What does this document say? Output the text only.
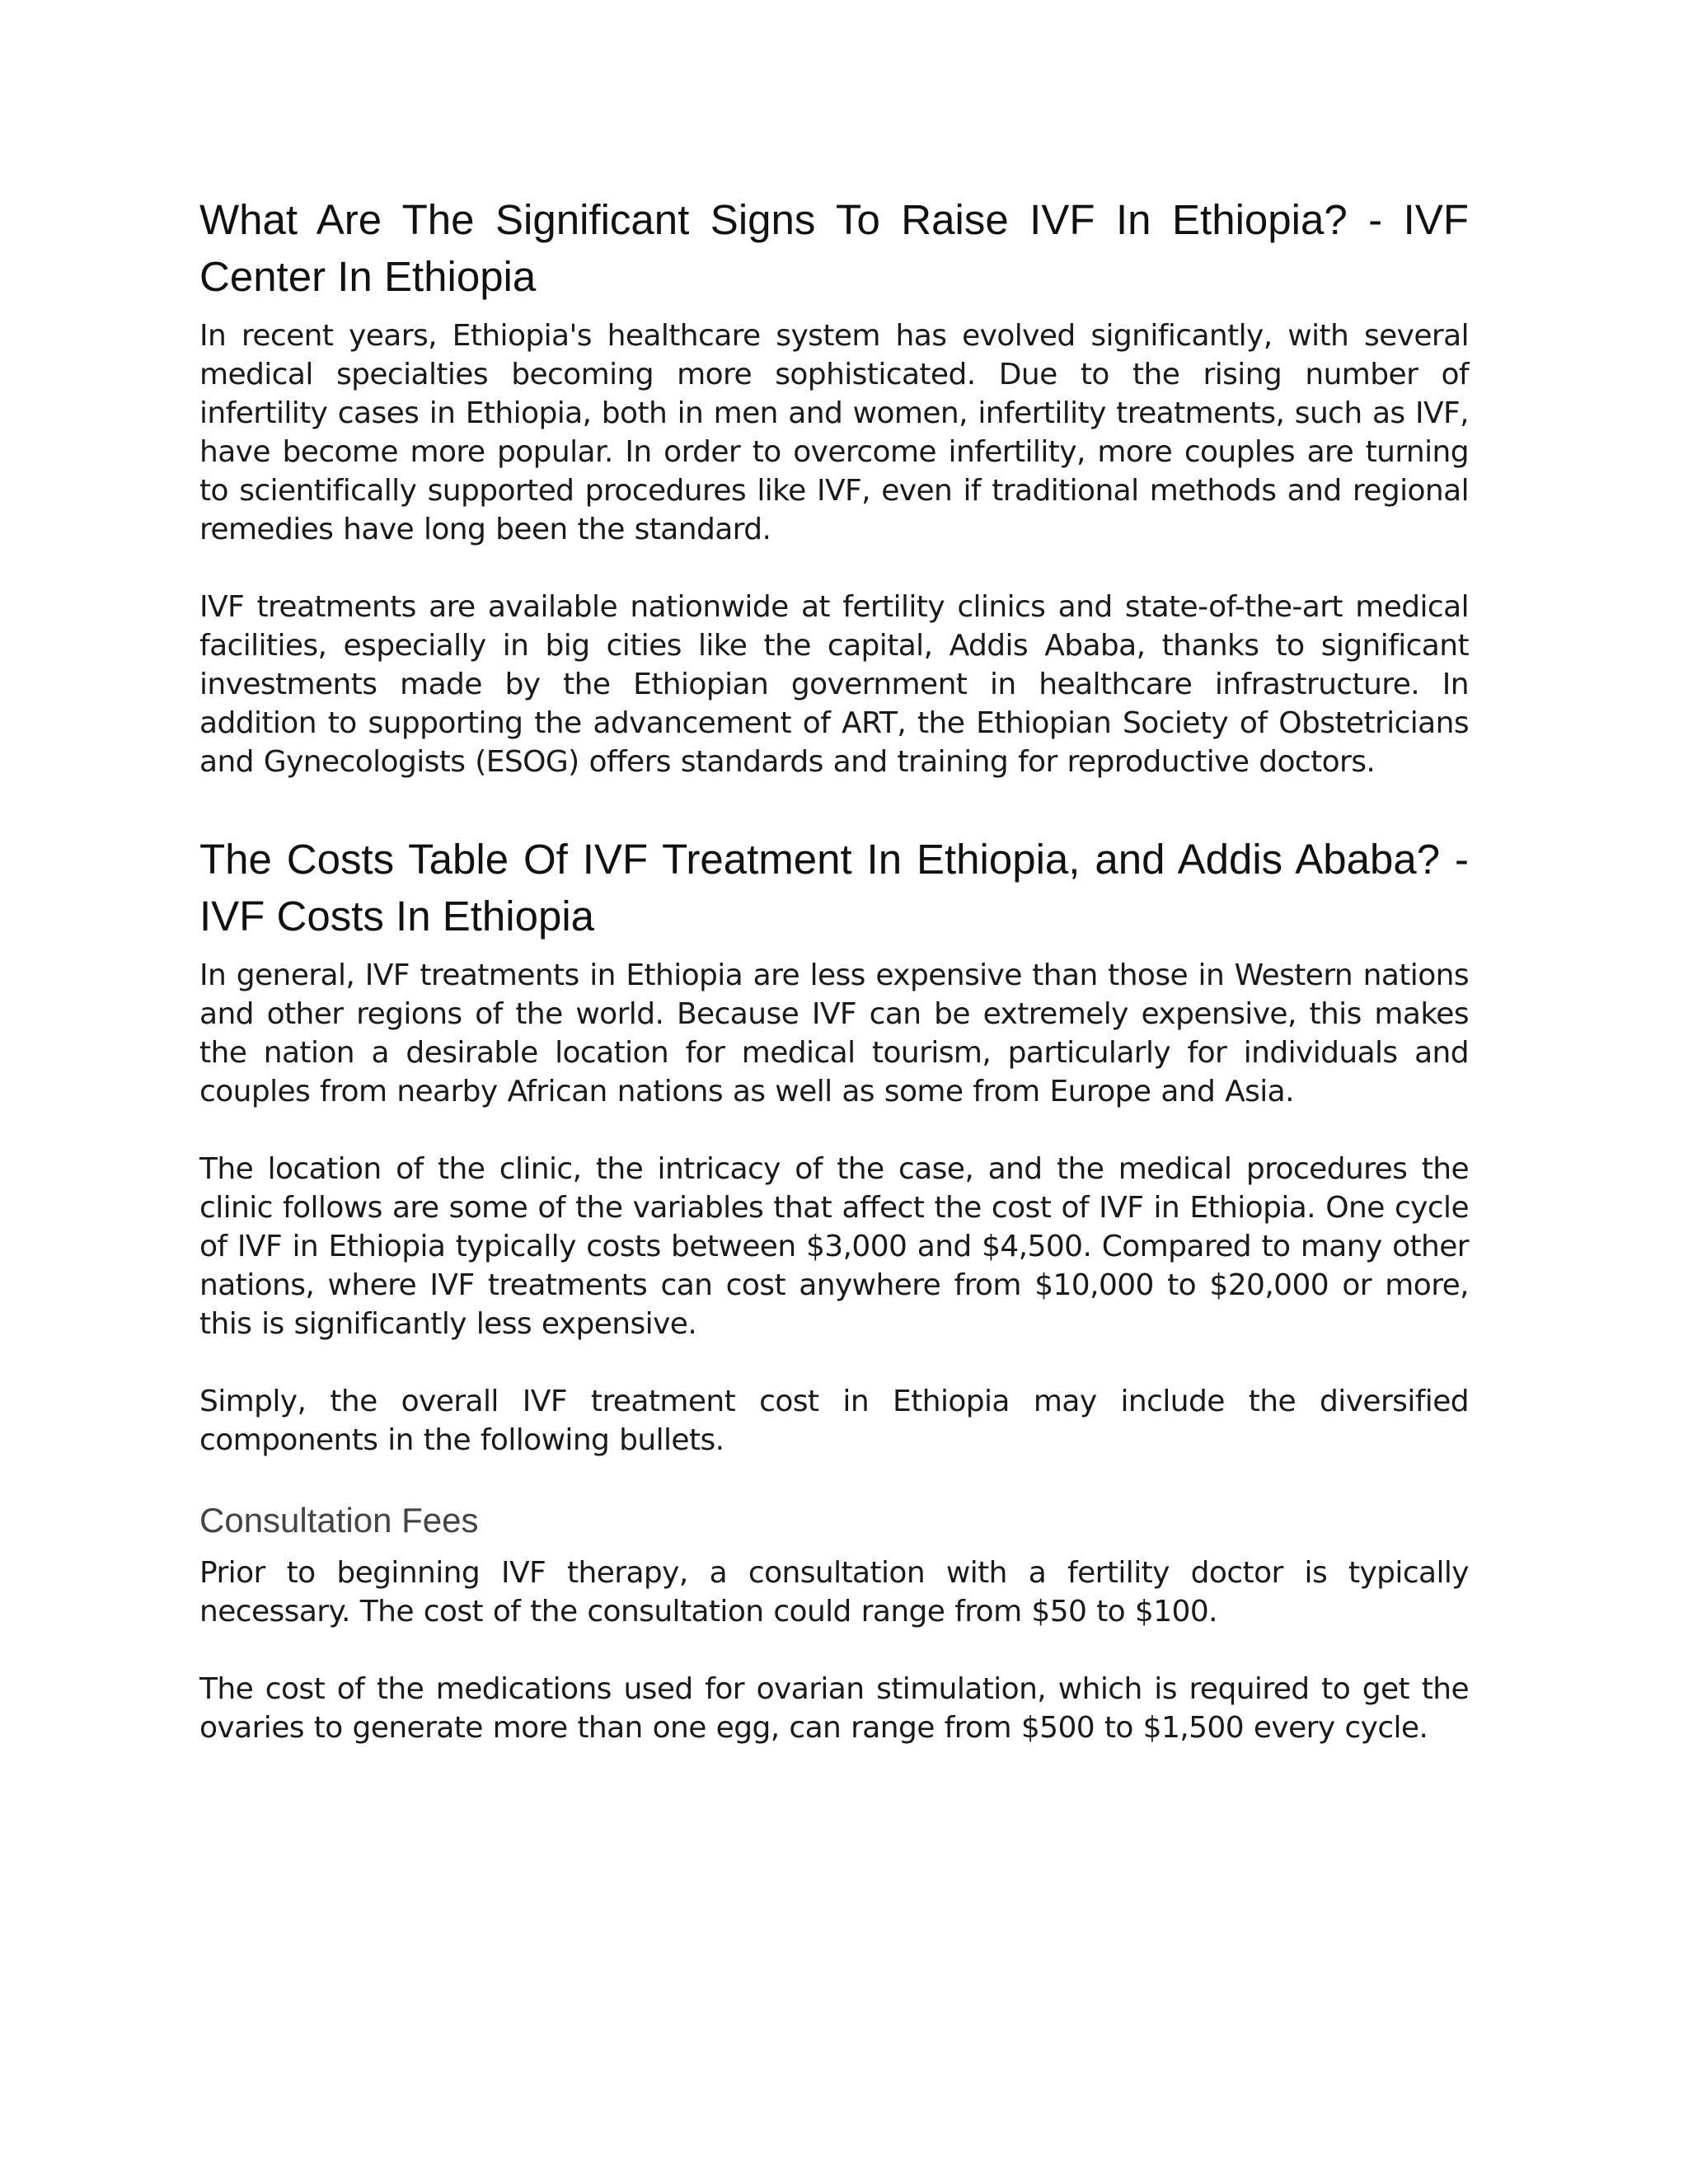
What Are The Significant Signs To Raise IVF In Ethiopia? - IVF Center In Ethiopia

In recent years, Ethiopia's healthcare system has evolved significantly, with several medical specialties becoming more sophisticated. Due to the rising number of infertility cases in Ethiopia, both in men and women, infertility treatments, such as IVF, have become more popular. In order to overcome infertility, more couples are turning to scientifically supported procedures like IVF, even if traditional methods and regional remedies have long been the standard.

IVF treatments are available nationwide at fertility clinics and state-of-the-art medical facilities, especially in big cities like the capital, Addis Ababa, thanks to significant investments made by the Ethiopian government in healthcare infrastructure. In addition to supporting the advancement of ART, the Ethiopian Society of Obstetricians and Gynecologists (ESOG) offers standards and training for reproductive doctors.

The Costs Table Of IVF Treatment In Ethiopia, and Addis Ababa? - IVF Costs In Ethiopia

In general, IVF treatments in Ethiopia are less expensive than those in Western nations and other regions of the world. Because IVF can be extremely expensive, this makes the nation a desirable location for medical tourism, particularly for individuals and couples from nearby African nations as well as some from Europe and Asia.

The location of the clinic, the intricacy of the case, and the medical procedures the clinic follows are some of the variables that affect the cost of IVF in Ethiopia. One cycle of IVF in Ethiopia typically costs between $3,000 and $4,500. Compared to many other nations, where IVF treatments can cost anywhere from $10,000 to $20,000 or more, this is significantly less expensive.

Simply, the overall IVF treatment cost in Ethiopia may include the diversified components in the following bullets.

Consultation Fees

Prior to beginning IVF therapy, a consultation with a fertility doctor is typically necessary. The cost of the consultation could range from $50 to $100.

The cost of the medications used for ovarian stimulation, which is required to get the ovaries to generate more than one egg, can range from $500 to $1,500 every cycle.
